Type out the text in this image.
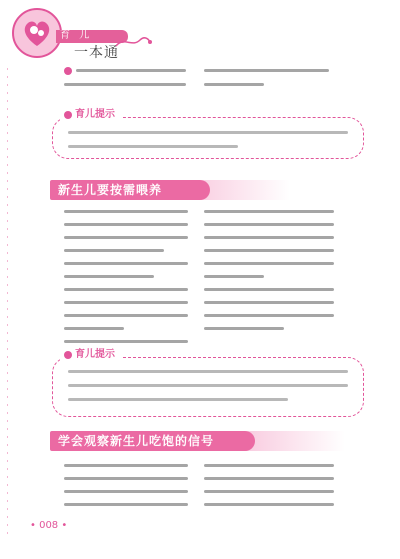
育 儿
一本通
育儿提示
新生儿要按需喂养
育儿提示
学会观察新生儿吃饱的信号
• 008 •
